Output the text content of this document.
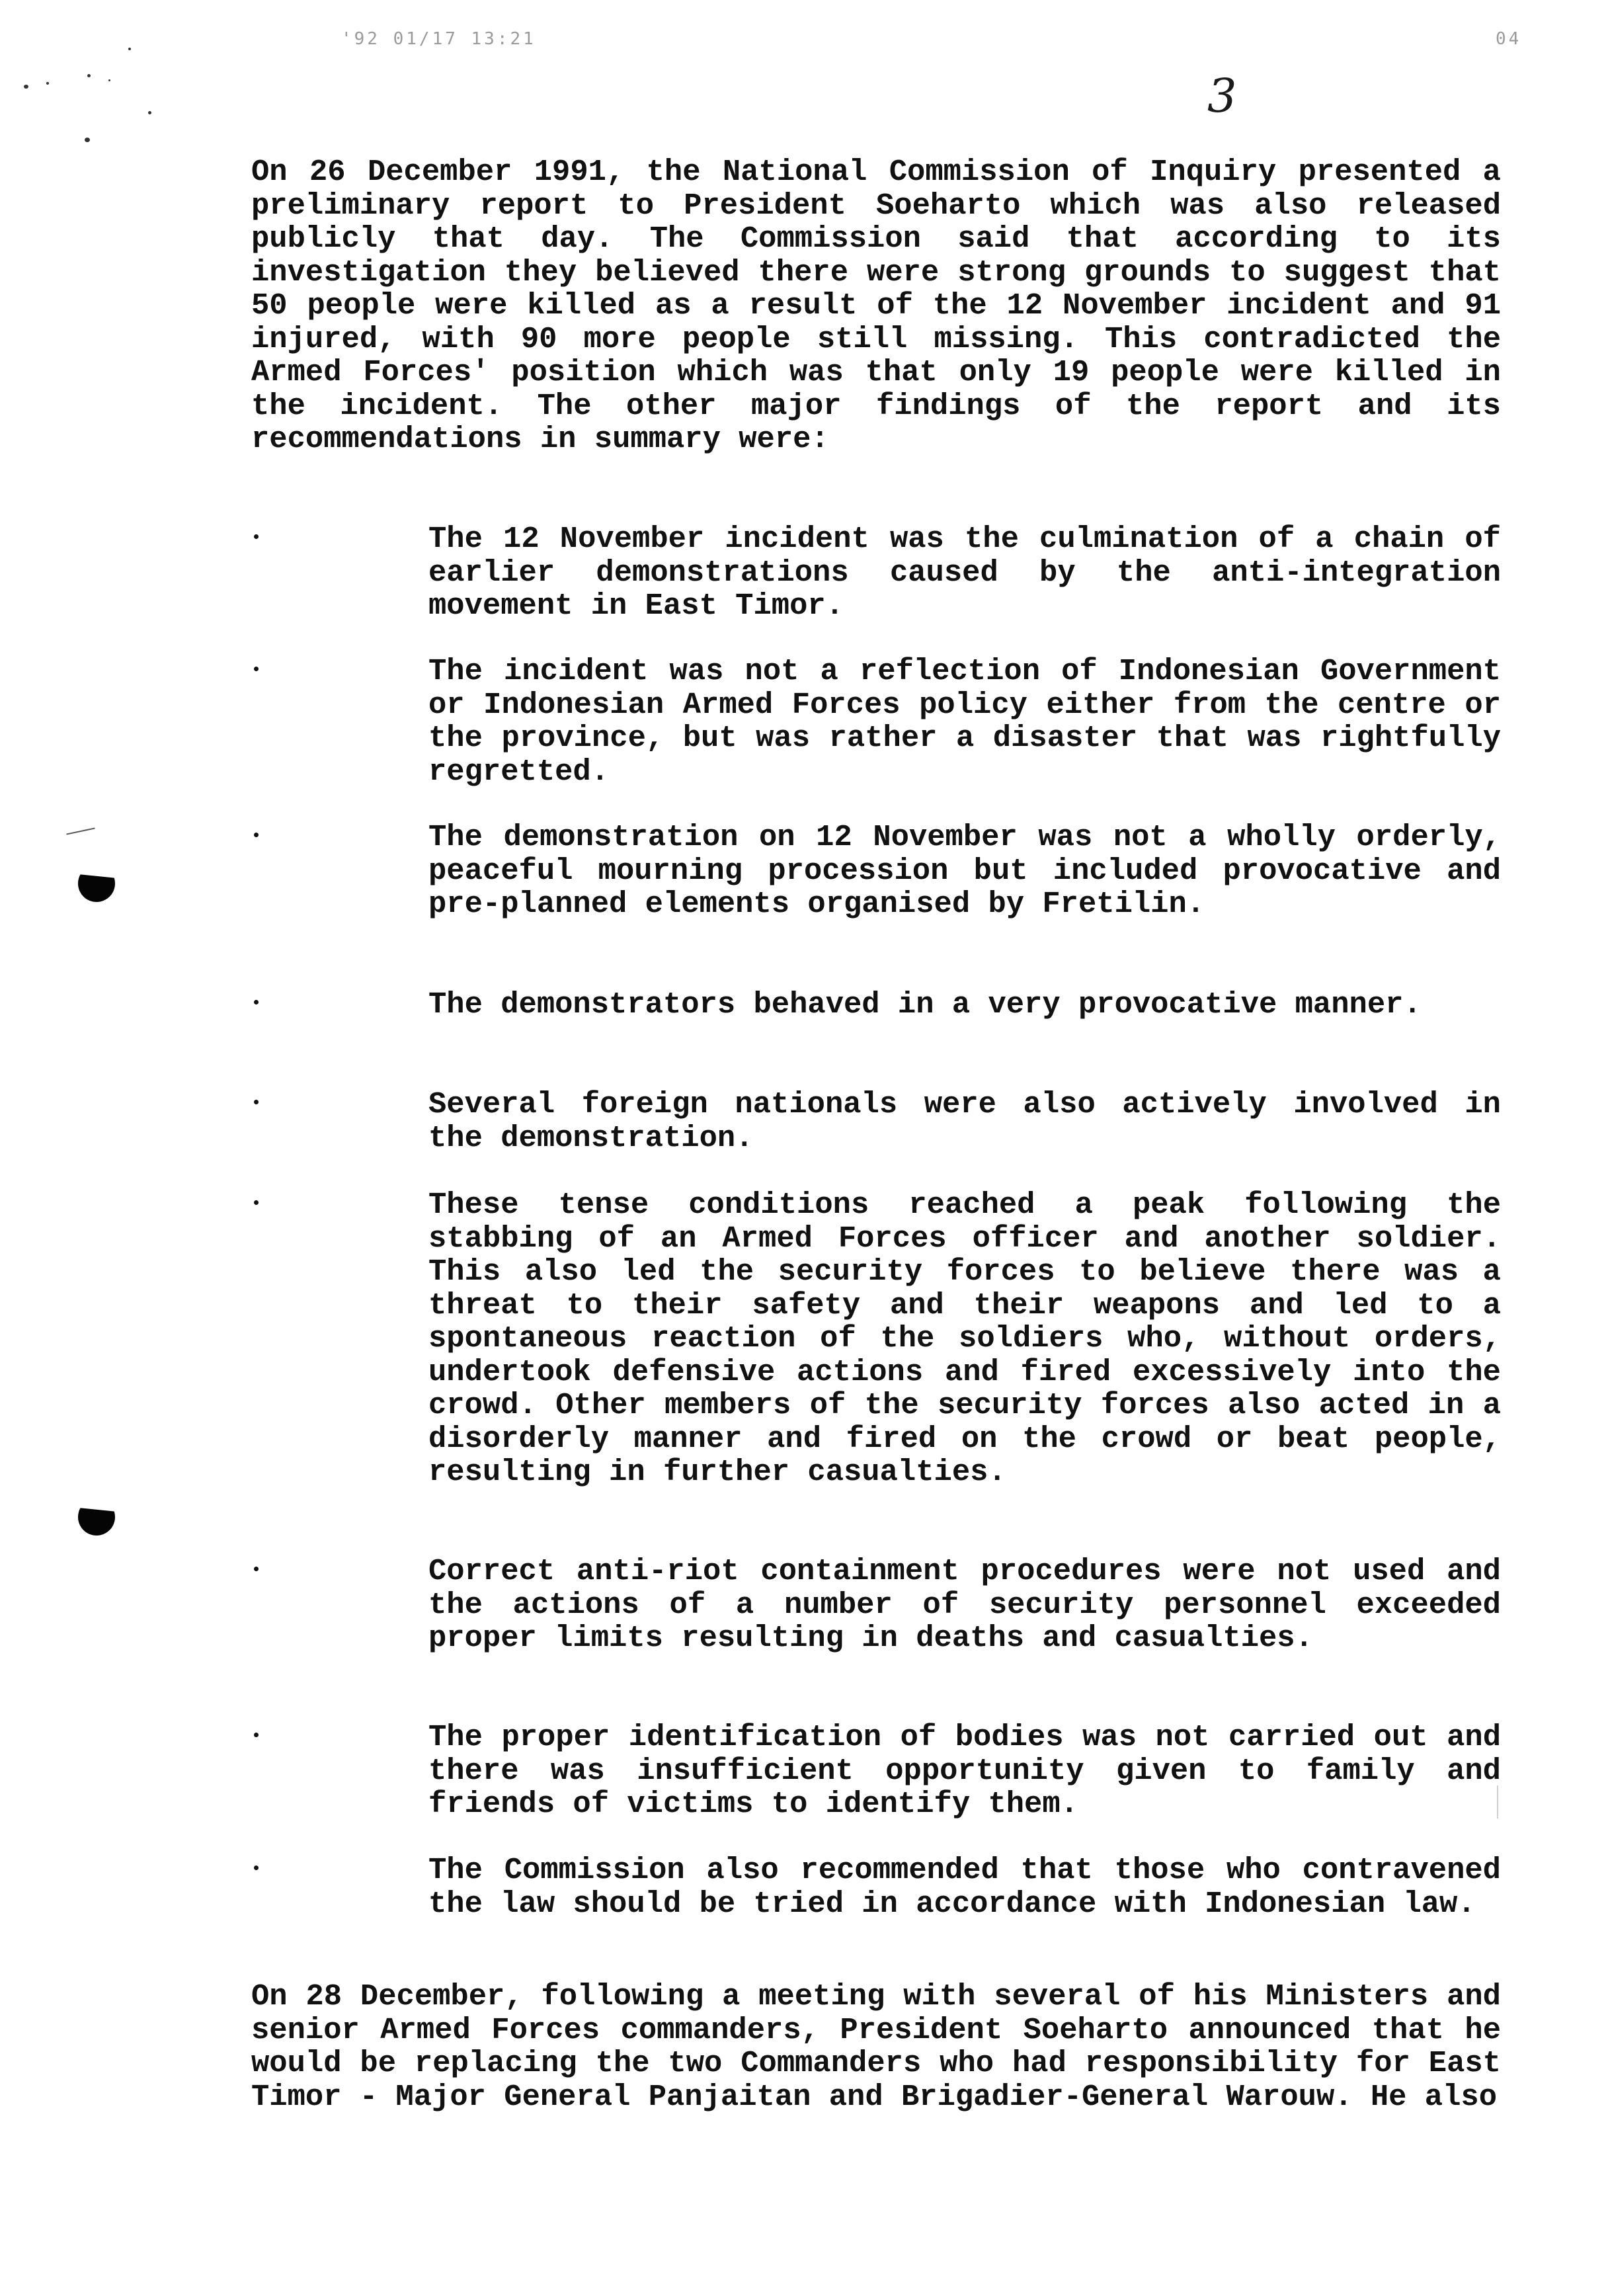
'92 01/17 13:21	04
3

On 26 December 1991, the National Commission of Inquiry presented a preliminary report to President Soeharto which was also released publicly that day. The Commission said that according to its investigation they believed there were strong grounds to suggest that 50 people were killed as a result of the 12 November incident and 91 injured, with 90 more people still missing. This contradicted the Armed Forces' position which was that only 19 people were killed in the incident. The other major findings of the report and its recommendations in summary were:

The 12 November incident was the culmination of a chain of earlier demonstrations caused by the anti-integration movement in East Timor.

The incident was not a reflection of Indonesian Government or Indonesian Armed Forces policy either from the centre or the province, but was rather a disaster that was rightfully regretted.

The demonstration on 12 November was not a wholly orderly, peaceful mourning procession but included provocative and pre-planned elements organised by Fretilin.

The demonstrators behaved in a very provocative manner.

Several foreign nationals were also actively involved in the demonstration.

These tense conditions reached a peak following the stabbing of an Armed Forces officer and another soldier. This also led the security forces to believe there was a threat to their safety and their weapons and led to a spontaneous reaction of the soldiers who, without orders, undertook defensive actions and fired excessively into the crowd. Other members of the security forces also acted in a disorderly manner and fired on the crowd or beat people, resulting in further casualties.

Correct anti-riot containment procedures were not used and the actions of a number of security personnel exceeded proper limits resulting in deaths and casualties.

The proper identification of bodies was not carried out and there was insufficient opportunity given to family and friends of victims to identify them.

The Commission also recommended that those who contravened the law should be tried in accordance with Indonesian law.

On 28 December, following a meeting with several of his Ministers and senior Armed Forces commanders, President Soeharto announced that he would be replacing the two Commanders who had responsibility for East Timor - Major General Panjaitan and Brigadier-General Warouw. He also
